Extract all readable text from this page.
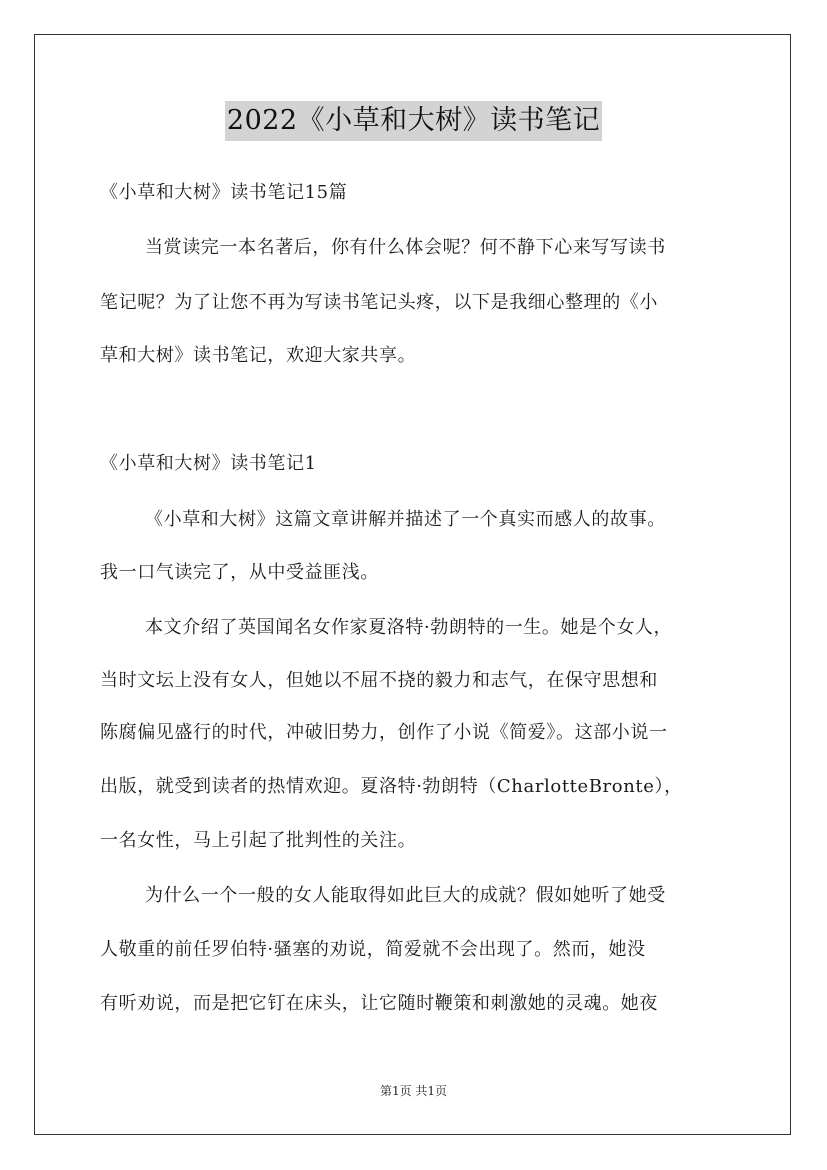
2022《小草和大树》读书笔记
《小草和大树》读书笔记15篇
当赏读完一本名著后，你有什么体会呢？何不静下心来写写读书
笔记呢？为了让您不再为写读书笔记头疼，以下是我细心整理的《小
草和大树》读书笔记，欢迎大家共享。
《小草和大树》读书笔记1
《小草和大树》这篇文章讲解并描述了一个真实而感人的故事。
我一口气读完了，从中受益匪浅。
本文介绍了英国闻名女作家夏洛特·勃朗特的一生。她是个女人，
当时文坛上没有女人，但她以不屈不挠的毅力和志气，在保守思想和
陈腐偏见盛行的时代，冲破旧势力，创作了小说《简爱》。这部小说一
出版，就受到读者的热情欢迎。夏洛特·勃朗特（CharlotteBronte），
一名女性，马上引起了批判性的关注。
为什么一个一般的女人能取得如此巨大的成就？假如她听了她受
人敬重的前任罗伯特·骚塞的劝说，简爱就不会出现了。然而，她没
有听劝说，而是把它钉在床头，让它随时鞭策和刺激她的灵魂。她夜
第1页 共1页
